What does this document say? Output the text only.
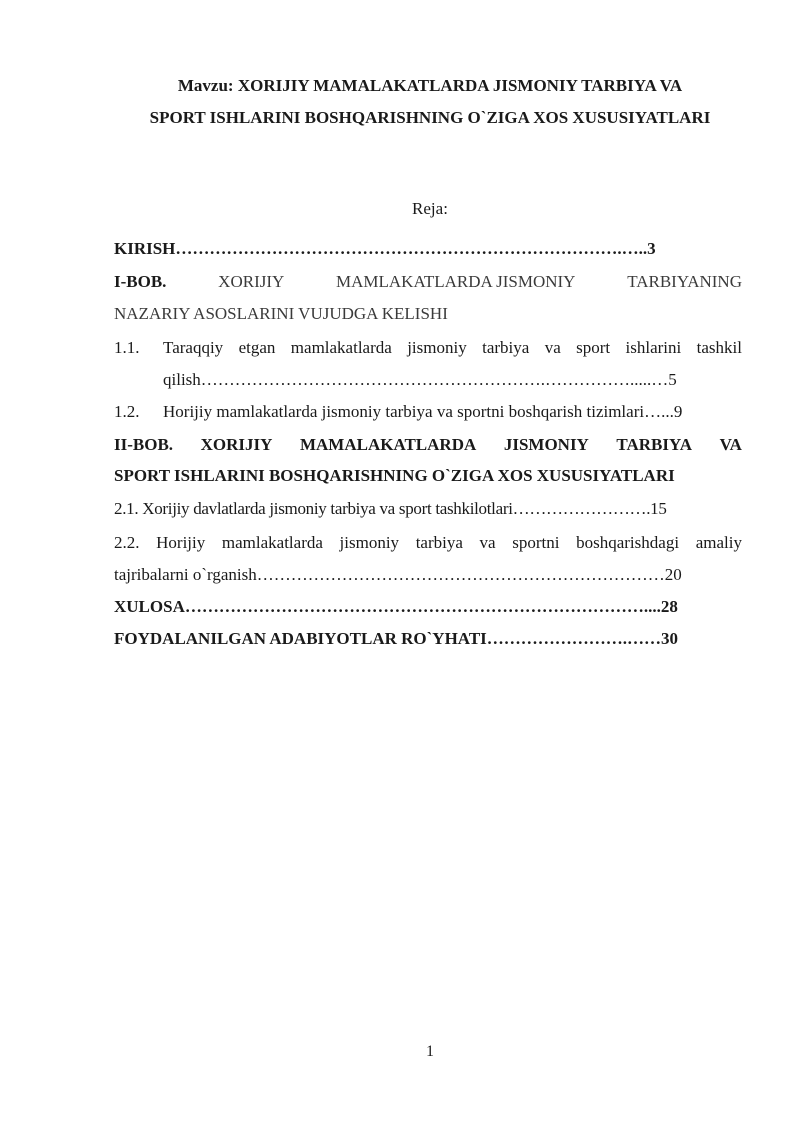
Mavzu: XORIJIY MAMALAKATLARDA JISMONIY TARBIYA VA
SPORT ISHLARINI BOSHQARISHNING O`ZIGA XOS XUSUSIYATLARI
Reja:
KIRISH…………………………………………………………………….…..3
I-BOB.	XORIJIY	MAMLAKATLARDA JISMONIY	TARBIYANING
NAZARIY ASOSLARINI VUJUDGA KELISHI
1.1. Taraqqiy etgan mamlakatlarda jismoniy tarbiya va sport ishlarini tashkil
qilish…………………………………………………….…………….....…5
1.2. Horijiy mamlakatlarda jismoniy tarbiya va sportni boshqarish tizimlari…...9
II-BOB. XORIJIY MAMALAKATLARDA JISMONIY TARBIYA VA
SPORT ISHLARINI BOSHQARISHNING O`ZIGA XOS XUSUSIYATLARI
2.1. Xorijiy davlatlarda jismoniy tarbiya va sport tashkilotlari…………………….15
2.2. Horijiy mamlakatlarda jismoniy tarbiya va sportni boshqarishdagi amaliy
tajribalarni o`rganish………………………………………………………………20
XULOSA………………………………………………………………………....28
FOYDALANILGAN ADABIYOTLAR RO`YHATI…………………….……30
1
